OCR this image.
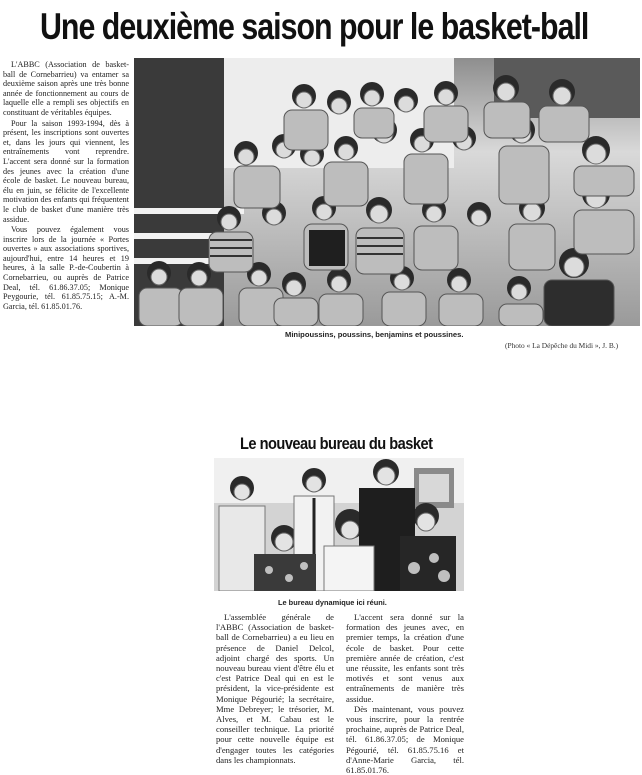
Une deuxième saison pour le basket-ball

L'ABBC (Association de basket-ball de Cornebarrieu) va entamer sa deuxième saison après une très bonne année de fonctionnement au cours de laquelle elle a rempli ses objectifs en constituant de véritables équipes.

Pour la saison 1993-1994, dès à présent, les inscriptions sont ouvertes et, dans les jours qui viennent, les entraînements vont reprendre. L'accent sera donné sur la formation des jeunes avec la création d'une école de basket. Le nouveau bureau, élu en juin, se félicite de l'excellente motivation des enfants qui fréquentent le club de basket d'une manière très assidue.

Vous pouvez également vous inscrire lors de la journée « Portes ouvertes » aux associations sportives, aujourd'hui, entre 14 heures et 19 heures, à la salle P.-de-Coubertin à Cornebarrieu, ou auprès de Patrice Deal, tél. 61.86.37.05; Monique Peygourie, tél. 61.85.75.15; A.-M. Garcia, tél. 61.85.01.76.

Minipoussins, poussins, benjamins et poussines.
(Photo « La Dépêche du Midi », J. B.)
Le nouveau bureau du basket
Le bureau dynamique ici réuni.

L'assemblée générale de l'ABBC (Association de basket-ball de Cornebarrieu) a eu lieu en présence de Daniel Delcol, adjoint chargé des sports. Un nouveau bureau vient d'être élu et c'est Patrice Deal qui en est le président, la vice-présidente est Monique Pégourié; la secrétaire, Mme Debreyer; le trésorier, M. Alves, et M. Cabau est le conseiller technique. La priorité pour cette nouvelle équipe est d'engager toutes les catégories dans les championnats.

L'accent sera donné sur la formation des jeunes avec, en premier temps, la création d'une école de basket. Pour cette première année de création, c'est une réussite, les enfants sont très motivés et sont venus aux entraînements de manière très assidue.

Dès maintenant, vous pouvez vous inscrire, pour la rentrée prochaine, auprès de Patrice Deal, tél. 61.86.37.05; de Monique Pégourié, tél. 61.85.75.16 et d'Anne-Marie Garcia, tél. 61.85.01.76.
